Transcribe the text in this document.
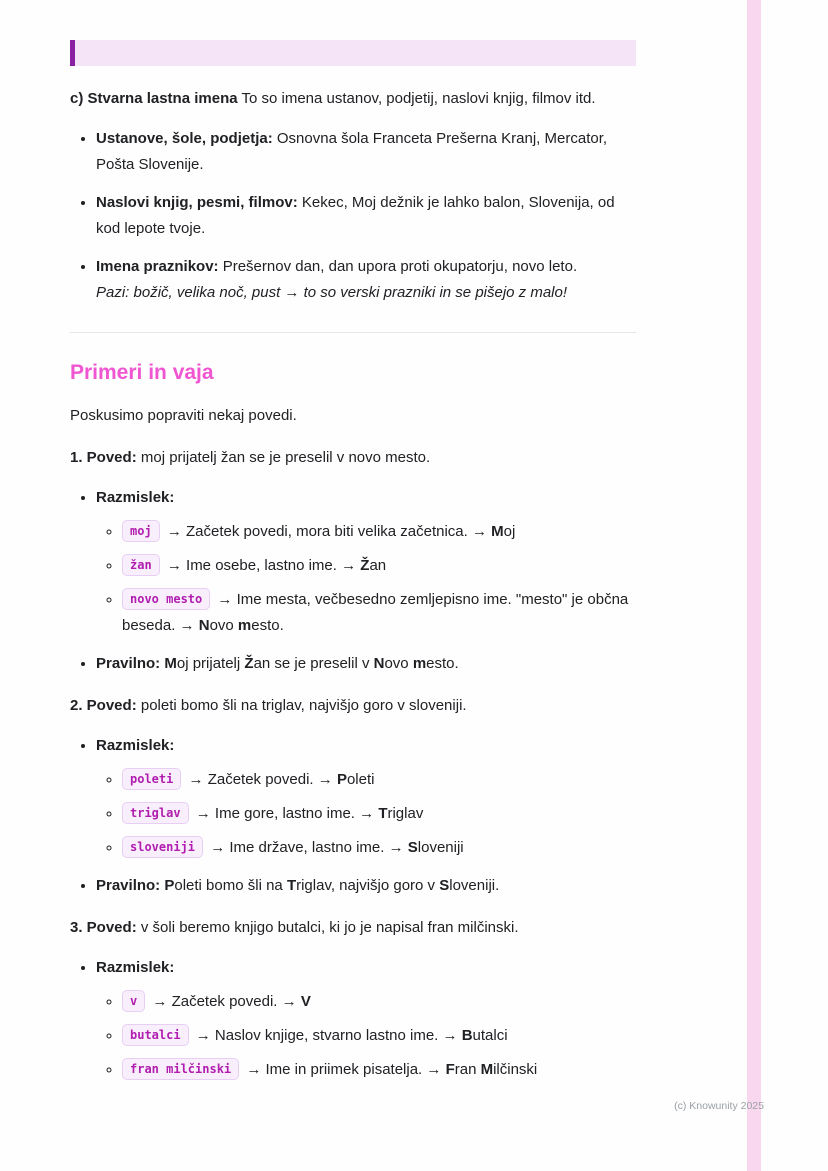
c) Stvarna lastna imena To so imena ustanov, podjetij, naslovi knjig, filmov itd.

• Ustanove, šole, podjetja: Osnovna šola Franceta Prešerna Kranj, Mercator, Pošta Slovenije.
• Naslovi knjig, pesmi, filmov: Kekec, Moj dežnik je lahko balon, Slovenija, od kod lepote tvoje.
• Imena praznikov: Prešernov dan, dan upora proti okupatorju, novo leto.
Pazi: božič, velika noč, pust → to so verski prazniki in se pišejo z malo!
Primeri in vaja

Poskusimo popraviti nekaj povedi.

1. Poved: moj prijatelj žan se je preselil v novo mesto.

• Razmislek:
◦ moj → Začetek povedi, mora biti velika začetnica. → Moj
◦ žan → Ime osebe, lastno ime. → Žan
◦ novo mesto → Ime mesta, večbesedno zemljepisno ime. "mesto" je občna beseda. → Novo mesto.
• Pravilno: Moj prijatelj Žan se je preselil v Novo mesto.

2. Poved: poleti bomo šli na triglav, najvišjo goro v sloveniji.

• Razmislek:
◦ poleti → Začetek povedi. → Poleti
◦ triglav → Ime gore, lastno ime. → Triglav
◦ sloveniji → Ime države, lastno ime. → Sloveniji
• Pravilno: Poleti bomo šli na Triglav, najvišjo goro v Sloveniji.

3. Poved: v šoli beremo knjigo butalci, ki jo je napisal fran milčinski.

• Razmislek:
◦ v → Začetek povedi. → V
◦ butalci → Naslov knjige, stvarno lastno ime. → Butalci
◦ fran milčinski → Ime in priimek pisatelja. → Fran Milčinski
(c) Knowunity 2025
